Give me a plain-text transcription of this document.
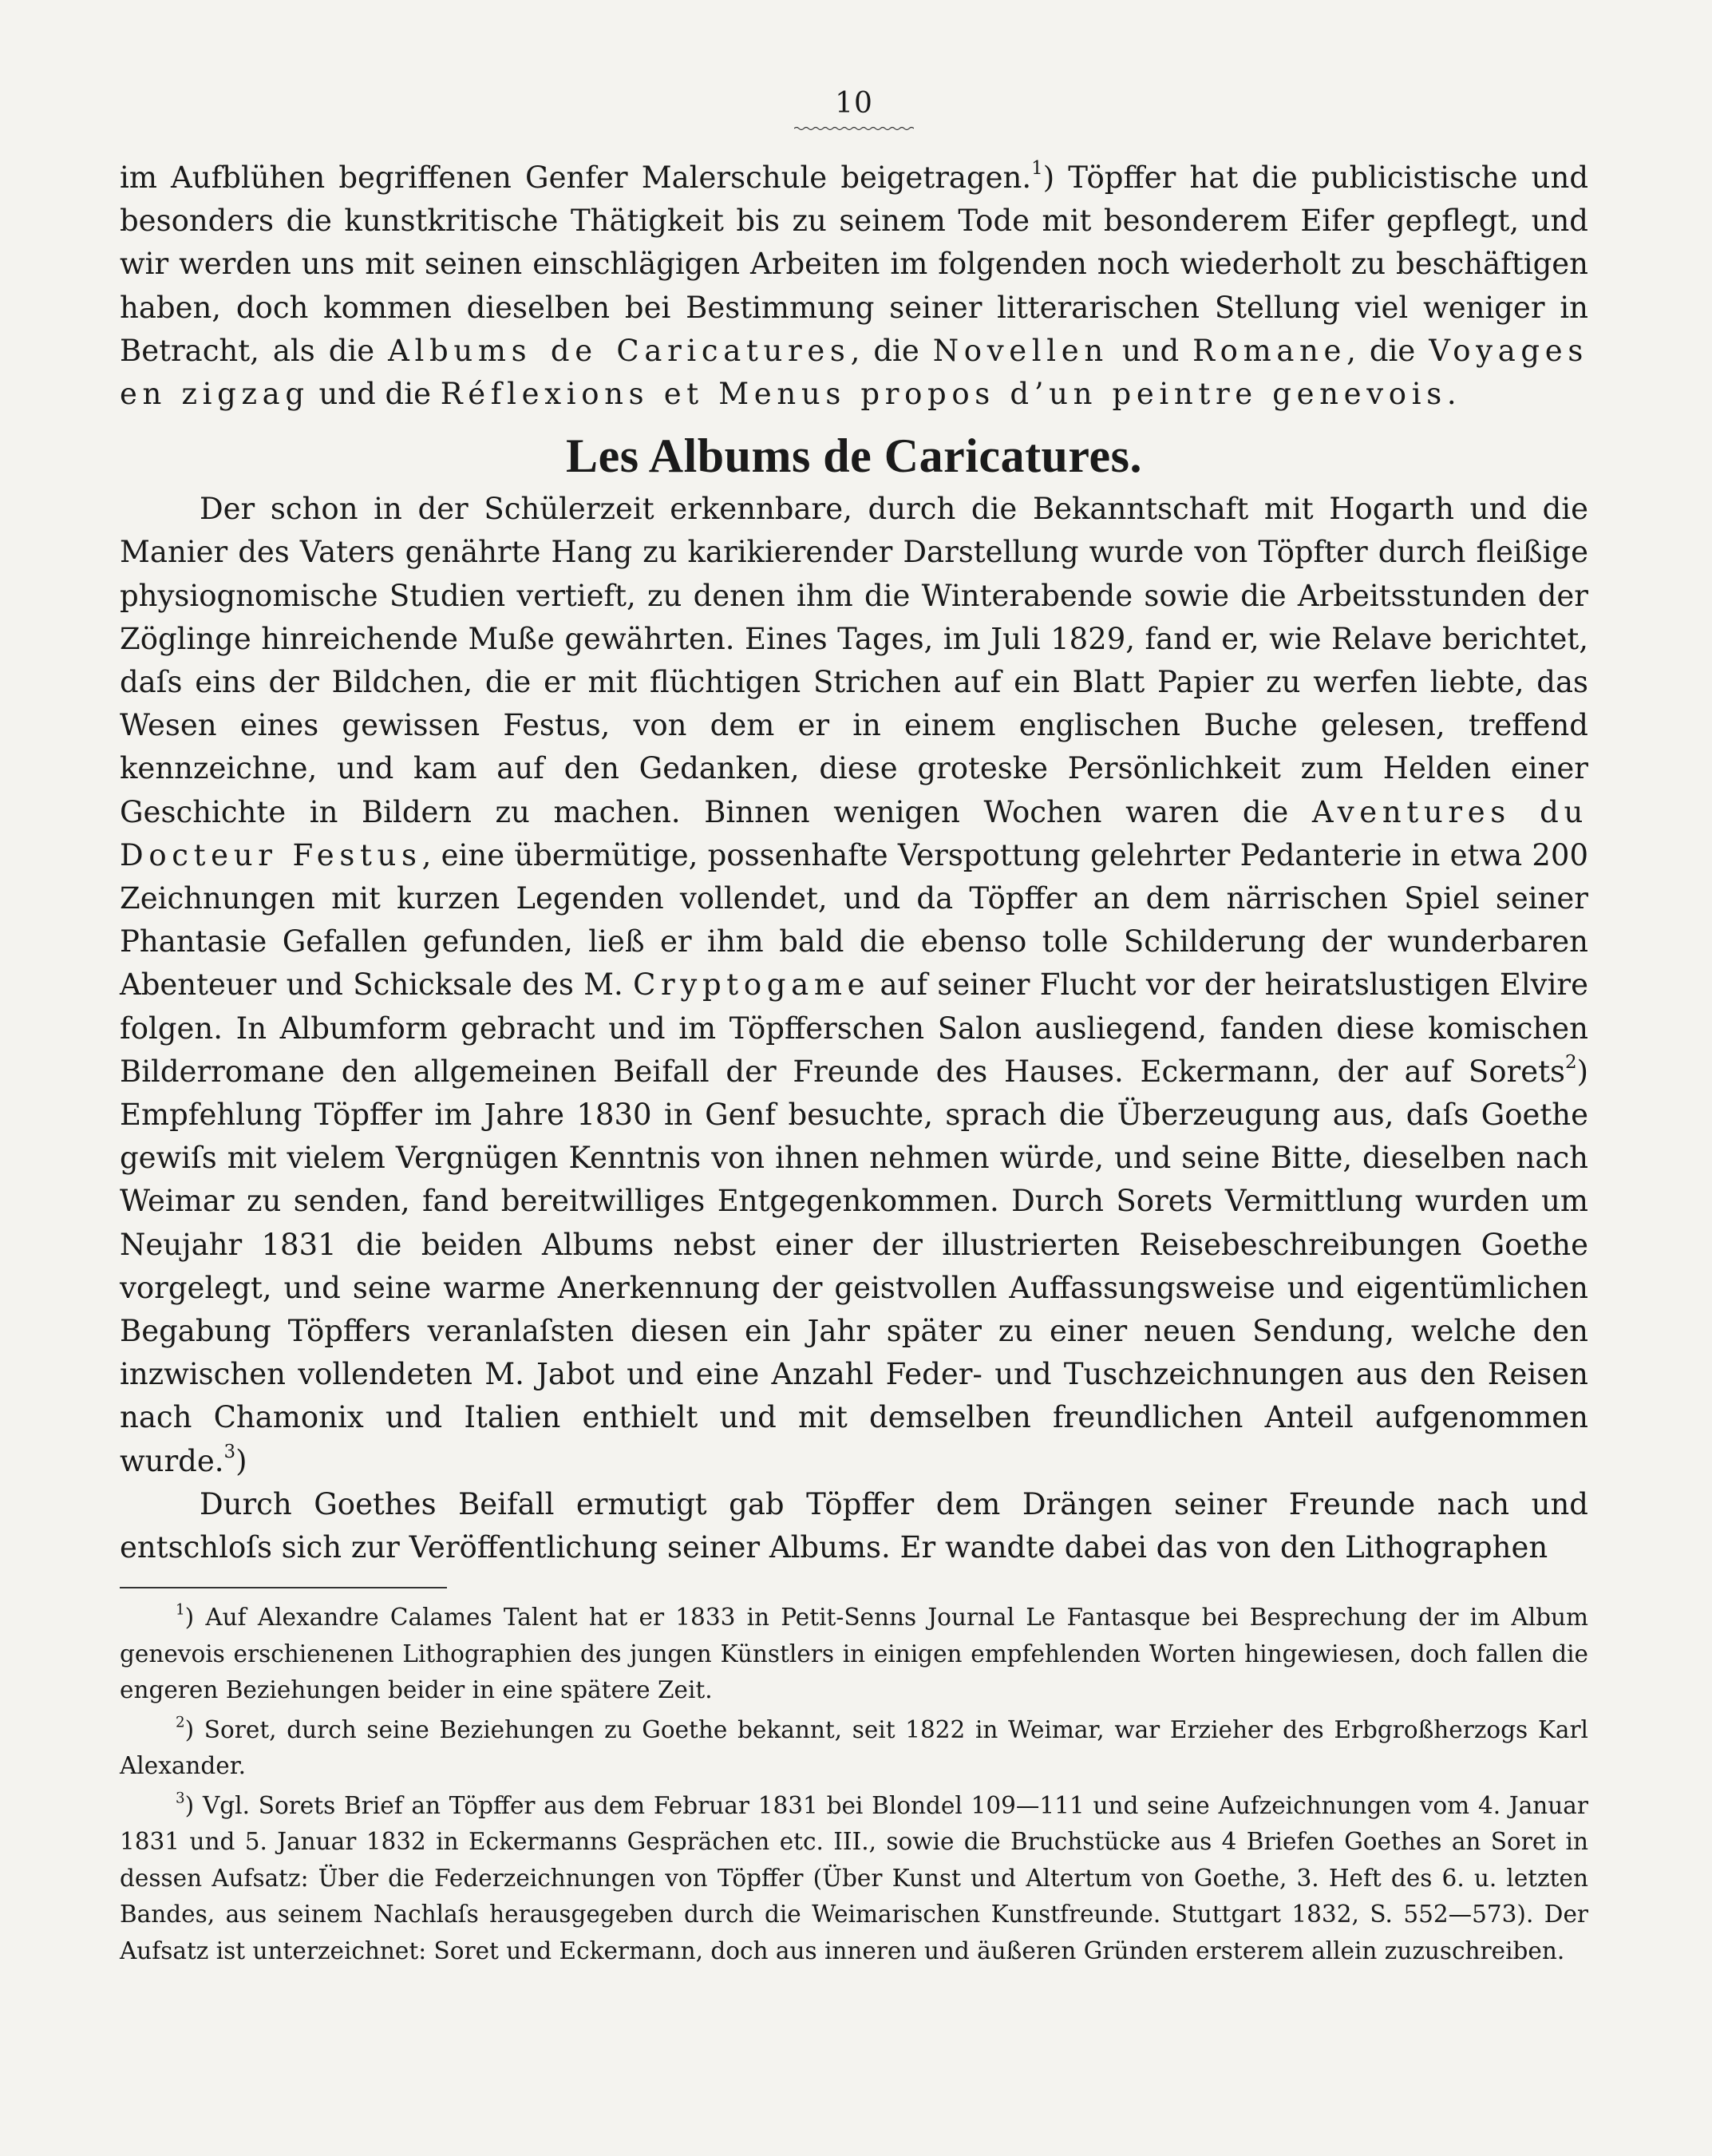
10

im Aufblühen begriffenen Genfer Malerschule beigetragen.$^1$) Töpffer hat die publicistische und besonders die kunstkritische Thätigkeit bis zu seinem Tode mit besonderem Eifer gepflegt, und wir werden uns mit seinen einschlägigen Arbeiten im folgenden noch wiederholt zu beschäftigen haben, doch kommen dieselben bei Bestimmung seiner litterarischen Stellung viel weniger in Betracht, als die Albums de Caricatures, die Novellen und Romane, die Voyages en zigzag und die Réflexions et Menus propos d’un peintre genevois.

Les Albums de Caricatures.

Der schon in der Schülerzeit erkennbare, durch die Bekanntschaft mit Hogarth und die Manier des Vaters genährte Hang zu karikierender Darstellung wurde von Töpfter durch fleißige physiognomische Studien vertieft, zu denen ihm die Winterabende sowie die Arbeitsstunden der Zöglinge hinreichende Muße gewährten. Eines Tages, im Juli 1829, fand er, wie Relave berichtet, daſs eins der Bildchen, die er mit flüchtigen Strichen auf ein Blatt Papier zu werfen liebte, das Wesen eines gewissen Festus, von dem er in einem englischen Buche gelesen, treffend kennzeichne, und kam auf den Gedanken, diese groteske Persönlichkeit zum Helden einer Geschichte in Bildern zu machen. Binnen wenigen Wochen waren die Aventures du Docteur Festus, eine übermütige, possenhafte Verspottung gelehrter Pedanterie in etwa 200 Zeichnungen mit kurzen Legenden vollendet, und da Töpffer an dem närrischen Spiel seiner Phantasie Gefallen gefunden, ließ er ihm bald die ebenso tolle Schilderung der wunderbaren Abenteuer und Schicksale des M. Cryptogame auf seiner Flucht vor der heiratslustigen Elvire folgen. In Albumform gebracht und im Töpfferschen Salon ausliegend, fanden diese komischen Bilderromane den allgemeinen Beifall der Freunde des Hauses. Eckermann, der auf Sorets$^2$) Empfehlung Töpffer im Jahre 1830 in Genf besuchte, sprach die Überzeugung aus, daſs Goethe gewiſs mit vielem Vergnügen Kenntnis von ihnen nehmen würde, und seine Bitte, dieselben nach Weimar zu senden, fand bereitwilliges Entgegenkommen. Durch Sorets Vermittlung wurden um Neujahr 1831 die beiden Albums nebst einer der illustrierten Reisebeschreibungen Goethe vorgelegt, und seine warme Anerkennung der geistvollen Auffassungsweise und eigentümlichen Begabung Töpffers veranlaſsten diesen ein Jahr später zu einer neuen Sendung, welche den inzwischen vollendeten M. Jabot und eine Anzahl Feder- und Tuschzeichnungen aus den Reisen nach Chamonix und Italien enthielt und mit demselben freundlichen Anteil aufgenommen wurde.$^3$)

Durch Goethes Beifall ermutigt gab Töpffer dem Drängen seiner Freunde nach und entschloſs sich zur Veröffentlichung seiner Albums. Er wandte dabei das von den Lithographen

$^1$) Auf Alexandre Calames Talent hat er 1833 in Petit-Senns Journal Le Fantasque bei Besprechung der im Album genevois erschienenen Lithographien des jungen Künstlers in einigen empfehlenden Worten hingewiesen, doch fallen die engeren Beziehungen beider in eine spätere Zeit.

$^2$) Soret, durch seine Beziehungen zu Goethe bekannt, seit 1822 in Weimar, war Erzieher des Erbgroßherzogs Karl Alexander.

$^3$) Vgl. Sorets Brief an Töpffer aus dem Februar 1831 bei Blondel 109—111 und seine Aufzeichnungen vom 4. Januar 1831 und 5. Januar 1832 in Eckermanns Gesprächen etc. III., sowie die Bruchstücke aus 4 Briefen Goethes an Soret in dessen Aufsatz: Über die Federzeichnungen von Töpffer (Über Kunst und Altertum von Goethe, 3. Heft des 6. u. letzten Bandes, aus seinem Nachlaſs herausgegeben durch die Weimarischen Kunstfreunde. Stuttgart 1832, S. 552—573). Der Aufsatz ist unterzeichnet: Soret und Eckermann, doch aus inneren und äußeren Gründen ersterem allein zuzuschreiben.
